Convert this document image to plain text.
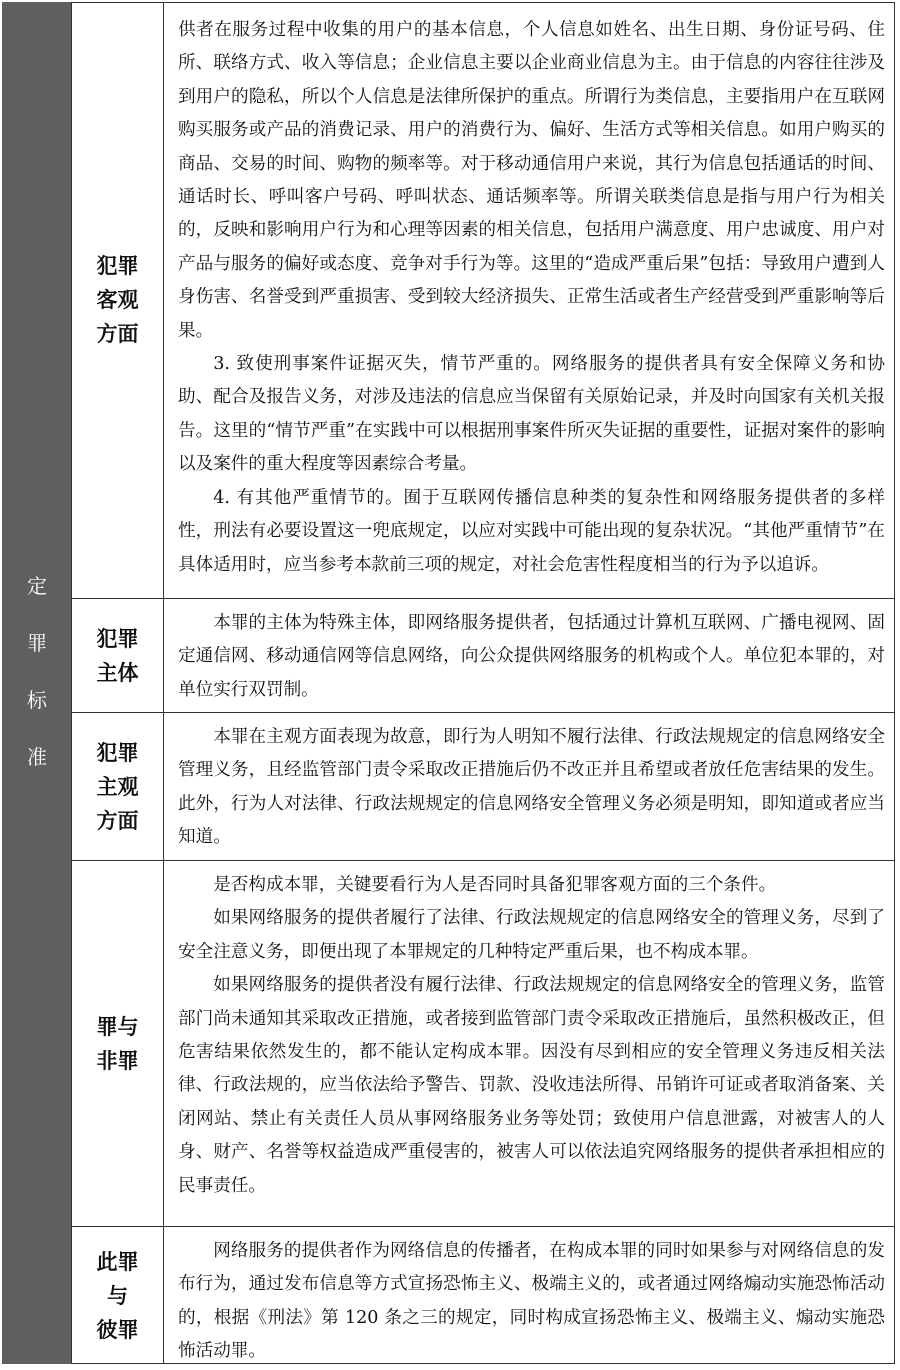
定
罪
标
准
犯罪
客观
方面

供者在服务过程中收集的用户的基本信息，个人信息如姓名、出生日期、身份证号码、住所、联络方式、收入等信息；企业信息主要以企业商业信息为主。由于信息的内容往往涉及到用户的隐私，所以个人信息是法律所保护的重点。所谓行为类信息，主要指用户在互联网购买服务或产品的消费记录、用户的消费行为、偏好、生活方式等相关信息。如用户购买的商品、交易的时间、购物的频率等。对于移动通信用户来说，其行为信息包括通话的时间、通话时长、呼叫客户号码、呼叫状态、通话频率等。所谓关联类信息是指与用户行为相关的，反映和影响用户行为和心理等因素的相关信息，包括用户满意度、用户忠诚度、用户对产品与服务的偏好或态度、竞争对手行为等。这里的“造成严重后果”包括：导致用户遭到人身伤害、名誉受到严重损害、受到较大经济损失、正常生活或者生产经营受到严重影响等后果。

3. 致使刑事案件证据灭失，情节严重的。网络服务的提供者具有安全保障义务和协助、配合及报告义务，对涉及违法的信息应当保留有关原始记录，并及时向国家有关机关报告。这里的“情节严重”在实践中可以根据刑事案件所灭失证据的重要性，证据对案件的影响以及案件的重大程度等因素综合考量。

4. 有其他严重情节的。囿于互联网传播信息种类的复杂性和网络服务提供者的多样性，刑法有必要设置这一兜底规定，以应对实践中可能出现的复杂状况。“其他严重情节”在具体适用时，应当参考本款前三项的规定，对社会危害性程度相当的行为予以追诉。

犯罪
主体

本罪的主体为特殊主体，即网络服务提供者，包括通过计算机互联网、广播电视网、固定通信网、移动通信网等信息网络，向公众提供网络服务的机构或个人。单位犯本罪的，对单位实行双罚制。

犯罪
主观
方面

本罪在主观方面表现为故意，即行为人明知不履行法律、行政法规规定的信息网络安全管理义务，且经监管部门责令采取改正措施后仍不改正并且希望或者放任危害结果的发生。此外，行为人对法律、行政法规规定的信息网络安全管理义务必须是明知，即知道或者应当知道。

罪与
非罪

是否构成本罪，关键要看行为人是否同时具备犯罪客观方面的三个条件。

如果网络服务的提供者履行了法律、行政法规规定的信息网络安全的管理义务，尽到了安全注意义务，即便出现了本罪规定的几种特定严重后果，也不构成本罪。

如果网络服务的提供者没有履行法律、行政法规规定的信息网络安全的管理义务，监管部门尚未通知其采取改正措施，或者接到监管部门责令采取改正措施后，虽然积极改正，但危害结果依然发生的，都不能认定构成本罪。因没有尽到相应的安全管理义务违反相关法律、行政法规的，应当依法给予警告、罚款、没收违法所得、吊销许可证或者取消备案、关闭网站、禁止有关责任人员从事网络服务业务等处罚；致使用户信息泄露，对被害人的人身、财产、名誉等权益造成严重侵害的，被害人可以依法追究网络服务的提供者承担相应的民事责任。

此罪
与
彼罪

网络服务的提供者作为网络信息的传播者，在构成本罪的同时如果参与对网络信息的发布行为，通过发布信息等方式宣扬恐怖主义、极端主义的，或者通过网络煽动实施恐怖活动的，根据《刑法》第 120 条之三的规定，同时构成宣扬恐怖主义、极端主义、煽动实施恐怖活动罪。
